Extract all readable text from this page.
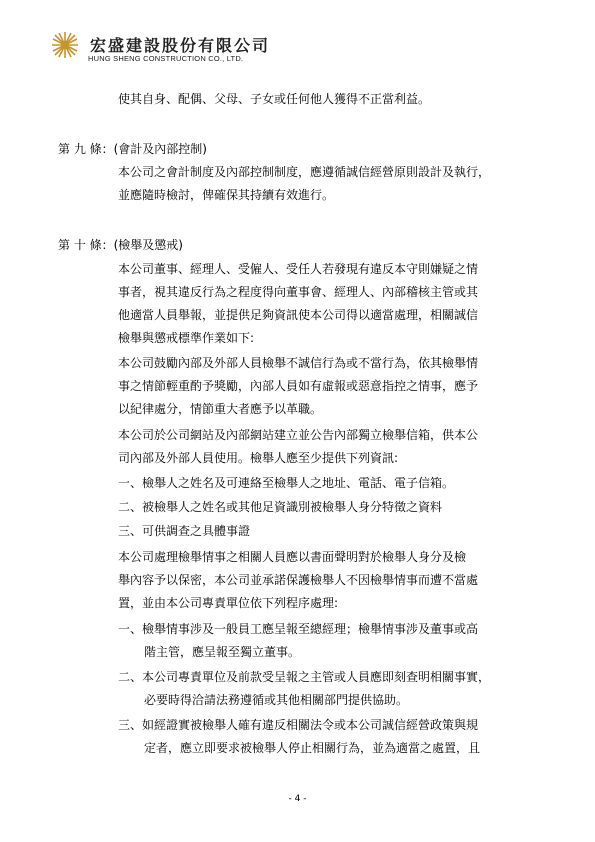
宏盛建設股份有限公司
HUNG SHENG CONSTRUCTION CO., LTD.
使其自身、配偶、父母、子女或任何他人獲得不正當利益。
第 九 條：(會計及內部控制)
本公司之會計制度及內部控制制度，應遵循誠信經營原則設計及執行，
並應隨時檢討，俾確保其持續有效進行。
第 十 條：(檢舉及懲戒)
本公司董事、經理人、受僱人、受任人若發現有違反本守則嫌疑之情
事者，視其違反行為之程度得向董事會、經理人、內部稽核主管或其
他適當人員舉報，並提供足夠資訊使本公司得以適當處理，相關誠信
檢舉與懲戒標準作業如下:
本公司鼓勵內部及外部人員檢舉不誠信行為或不當行為，依其檢舉情
事之情節輕重酌予獎勵，內部人員如有虛報或惡意指控之情事，應予
以紀律處分，情節重大者應予以革職。
本公司於公司網站及內部網站建立並公告內部獨立檢舉信箱，供本公
司內部及外部人員使用。檢舉人應至少提供下列資訊:
一、檢舉人之姓名及可連絡至檢舉人之地址、電話、電子信箱。
二、被檢舉人之姓名或其他足資識別被檢舉人身分特徵之資料
三、可供調查之具體事證
本公司處理檢舉情事之相關人員應以書面聲明對於檢舉人身分及檢
舉內容予以保密，本公司並承諾保護檢舉人不因檢舉情事而遭不當處
置，並由本公司專責單位依下列程序處理:
一、檢舉情事涉及一般員工應呈報至總經理；檢舉情事涉及董事或高
階主管，應呈報至獨立董事。
二、本公司專責單位及前款受呈報之主管或人員應即刻查明相關事實，
必要時得洽請法務遵循或其他相關部門提供協助。
三、如經證實被檢舉人確有違反相關法令或本公司誠信經營政策與規
定者，應立即要求被檢舉人停止相關行為，並為適當之處置，且
- 4 -
